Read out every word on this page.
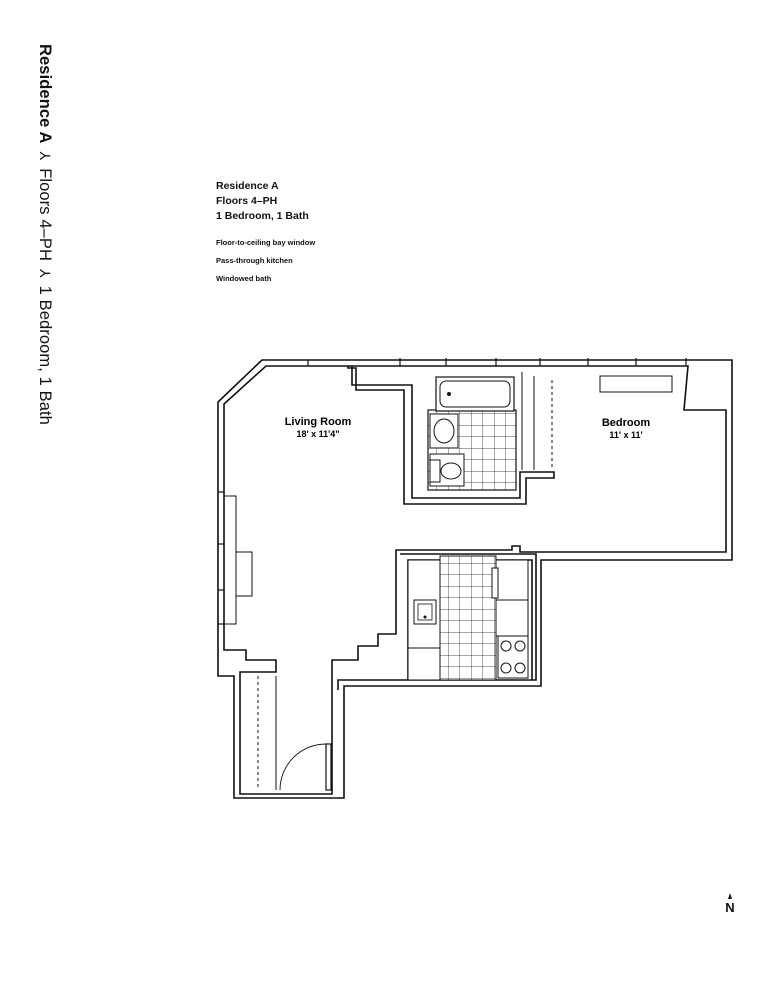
Residence A⅄Floors 4–PH⅄1 Bedroom, 1 Bath
Residence A
Floors 4–PH
1 Bedroom, 1 Bath
Floor-to-ceiling bay window
Pass-through kitchen
Windowed bath
Living Room
18' x 11'4"
Bedroom
11' x 11'
N
